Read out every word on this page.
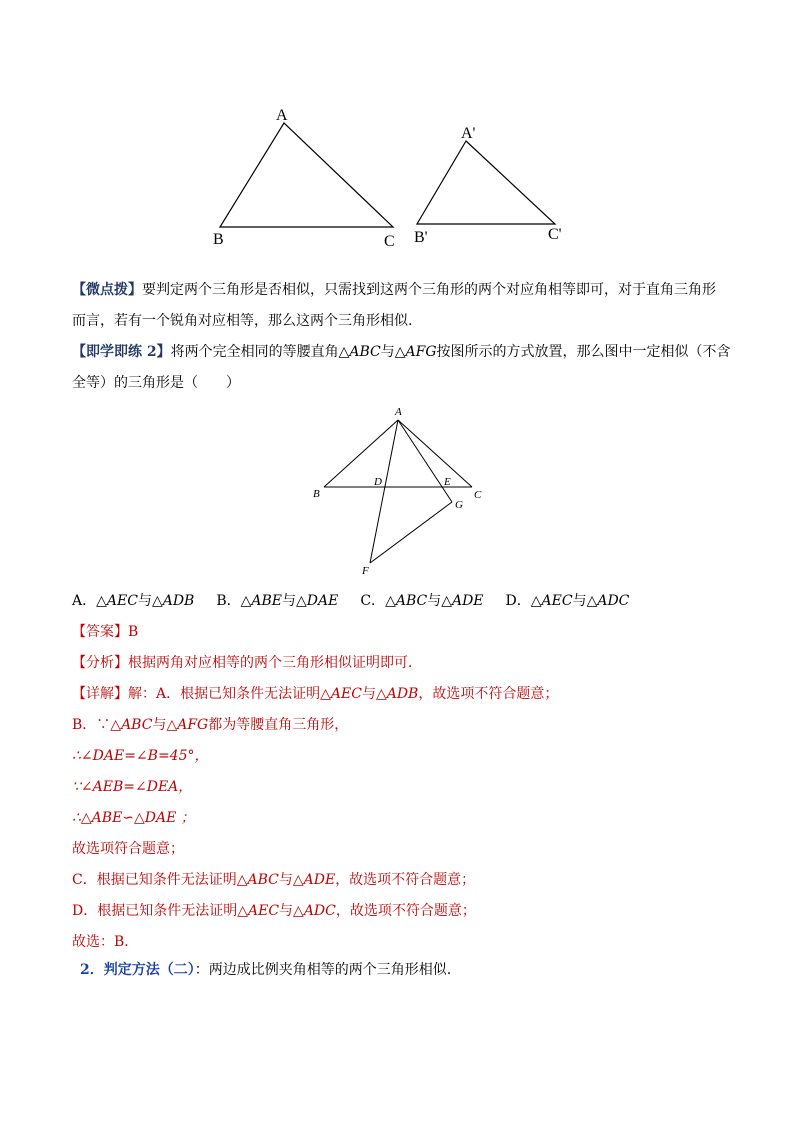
A
B	C
A'
B'	C'
【微点拨】要判定两个三角形是否相似，只需找到这两个三角形的两个对应角相等即可，对于直角三角形
而言，若有一个锐角对应相等，那么这两个三角形相似.
【即学即练 2】将两个完全相同的等腰直角△ABC与△AFG按图所示的方式放置，那么图中一定相似（不含
全等）的三角形是（　　）
A
B	C
D	E
F
G
A．△AEC与△ADB B．△ABE与△DAE C．△ABC与△ADE D．△AEC与△ADC
【答案】B
【分析】根据两角对应相等的两个三角形相似证明即可．
【详解】解：A．根据已知条件无法证明△AEC与△ADB，故选项不符合题意；
B．∵△ABC与△AFG都为等腰直角三角形，
∴∠DAE=∠B=45°，
∵∠AEB=∠DEA，
∴△ABE∽△DAE ；
故选项符合题意；
C．根据已知条件无法证明△ABC与△ADE，故选项不符合题意；
D．根据已知条件无法证明△AEC与△ADC，故选项不符合题意；
故选：B．
2．判定方法（二）：两边成比例夹角相等的两个三角形相似.
